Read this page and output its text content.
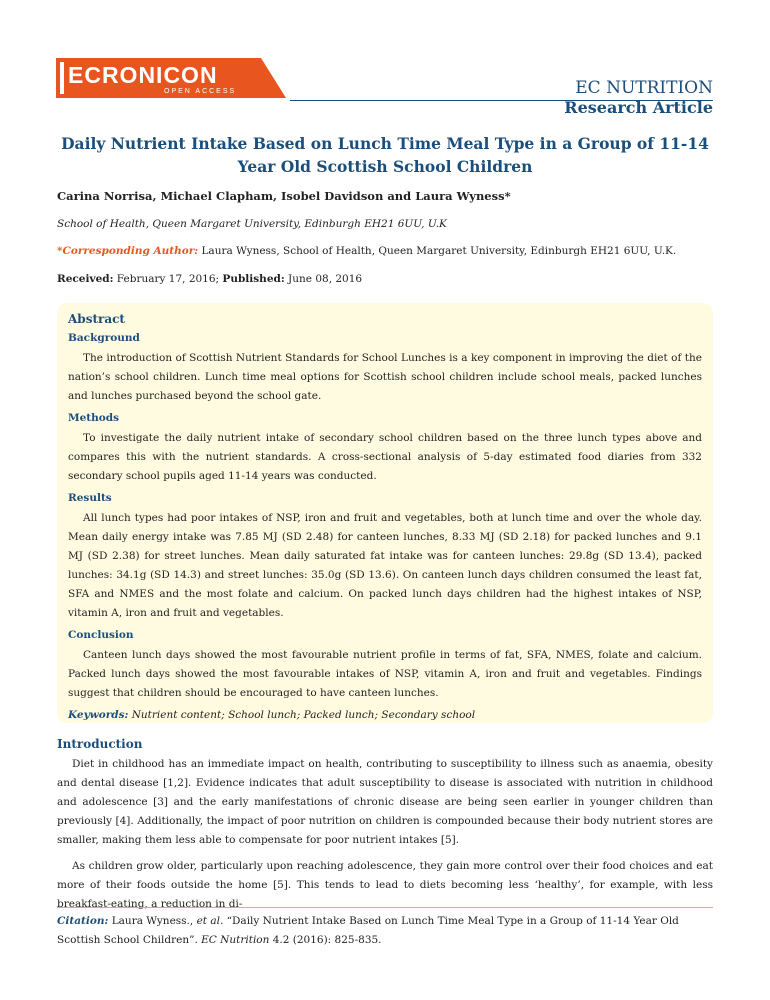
ECRONICON
OPEN ACCESS	EC NUTRITION
Research Article
Daily Nutrient Intake Based on Lunch Time Meal Type in a Group of 11-14 Year Old Scottish School Children
Carina Norrisa, Michael Clapham, Isobel Davidson and Laura Wyness*
School of Health, Queen Margaret University, Edinburgh EH21 6UU, U.K
*Corresponding Author: Laura Wyness, School of Health, Queen Margaret University, Edinburgh EH21 6UU, U.K.
Received: February 17, 2016; Published: June 08, 2016
Abstract
Background

The introduction of Scottish Nutrient Standards for School Lunches is a key component in improving the diet of the nation’s school children. Lunch time meal options for Scottish school children include school meals, packed lunches and lunches purchased beyond the school gate.

Methods

To investigate the daily nutrient intake of secondary school children based on the three lunch types above and compares this with the nutrient standards. A cross-sectional analysis of 5-day estimated food diaries from 332 secondary school pupils aged 11-14 years was conducted.

Results

All lunch types had poor intakes of NSP, iron and fruit and vegetables, both at lunch time and over the whole day. Mean daily energy intake was 7.85 MJ (SD 2.48) for canteen lunches, 8.33 MJ (SD 2.18) for packed lunches and 9.1 MJ (SD 2.38) for street lunches. Mean daily saturated fat intake was for canteen lunches: 29.8g (SD 13.4), packed lunches: 34.1g (SD 14.3) and street lunches: 35.0g (SD 13.6). On canteen lunch days children consumed the least fat, SFA and NMES and the most folate and calcium. On packed lunch days children had the highest intakes of NSP, vitamin A, iron and fruit and vegetables.

Conclusion

Canteen lunch days showed the most favourable nutrient profile in terms of fat, SFA, NMES, folate and calcium. Packed lunch days showed the most favourable intakes of NSP, vitamin A, iron and fruit and vegetables. Findings suggest that children should be encouraged to have canteen lunches.

Keywords: Nutrient content; School lunch; Packed lunch; Secondary school
Introduction

Diet in childhood has an immediate impact on health, contributing to susceptibility to illness such as anaemia, obesity and dental disease [1,2]. Evidence indicates that adult susceptibility to disease is associated with nutrition in childhood and adolescence [3] and the early manifestations of chronic disease are being seen earlier in younger children than previously [4]. Additionally, the impact of poor nutrition on children is compounded because their body nutrient stores are smaller, making them less able to compensate for poor nutrient intakes [5].

As children grow older, particularly upon reaching adolescence, they gain more control over their food choices and eat more of their foods outside the home [5]. This tends to lead to diets becoming less ‘healthy’, for example, with less breakfast-eating, a reduction in di-

Citation: Laura Wyness., et al. “Daily Nutrient Intake Based on Lunch Time Meal Type in a Group of 11-14 Year Old Scottish School Children”. EC Nutrition 4.2 (2016): 825-835.
